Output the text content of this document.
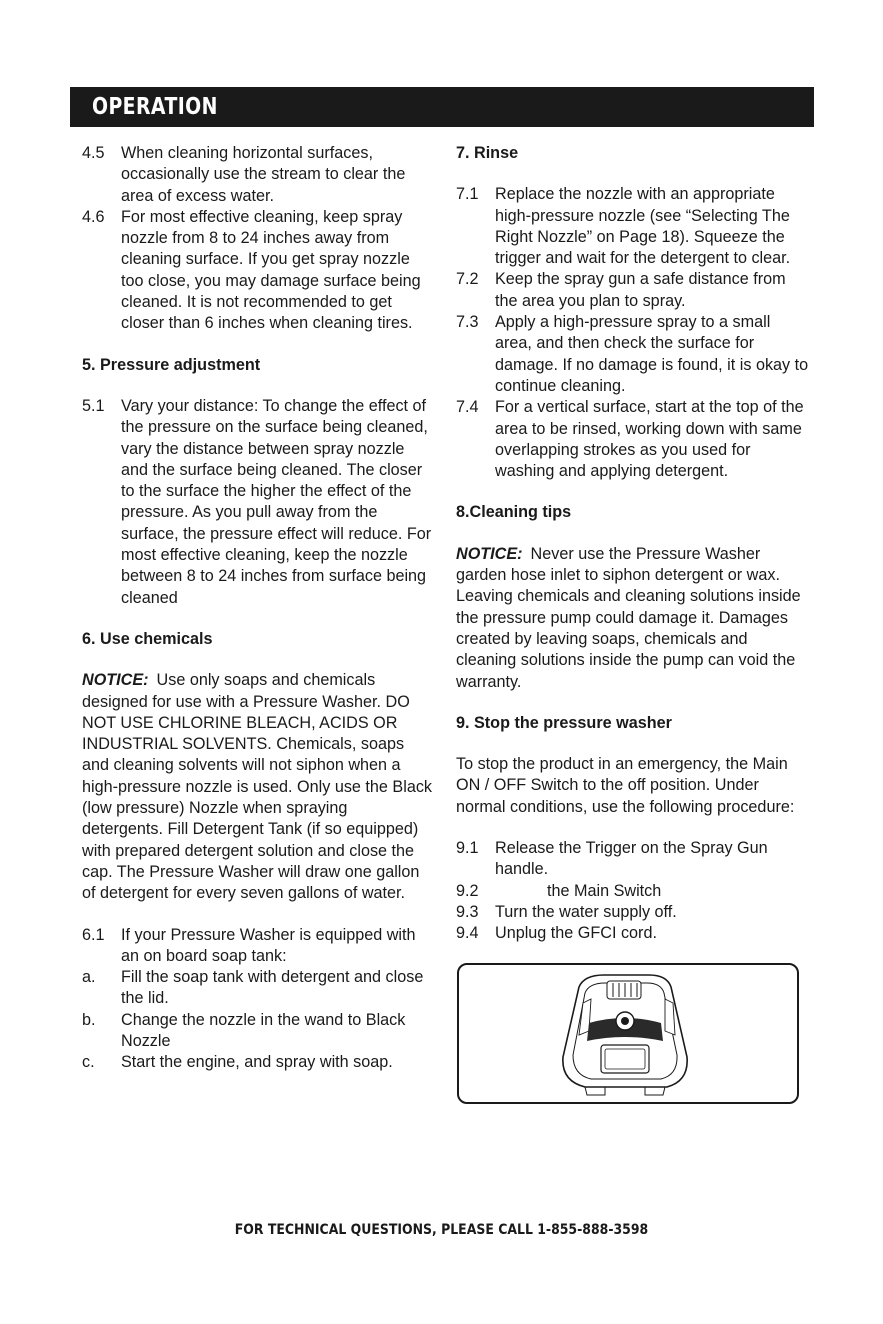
OPERATION
4.5 When cleaning horizontal surfaces, occasionally use the stream to clear the area of excess water.
4.6 For most effective cleaning, keep spray nozzle from 8 to 24 inches away from cleaning surface. If you get spray nozzle too close, you may damage surface being cleaned. It is not recommended to get closer than 6 inches when cleaning tires.
5. Pressure adjustment
5.1 Vary your distance: To change the effect of the pressure on the surface being cleaned, vary the distance between spray nozzle and the surface being cleaned. The closer to the surface the higher the effect of the pressure. As you pull away from the surface, the pressure effect will reduce. For most effective cleaning, keep the nozzle between 8 to 24 inches from surface being cleaned
6. Use chemicals
NOTICE: Use only soaps and chemicals designed for use with a Pressure Washer. DO NOT USE CHLORINE BLEACH, ACIDS OR INDUSTRIAL SOLVENTS. Chemicals, soaps and cleaning solvents will not siphon when a high-pressure nozzle is used. Only use the Black (low pressure) Nozzle when spraying detergents. Fill Detergent Tank (if so equipped) with prepared detergent solution and close the cap. The Pressure Washer will draw one gallon of detergent for every seven gallons of water.
6.1 If your Pressure Washer is equipped with an on board soap tank:
a. Fill the soap tank with detergent and close the lid.
b. Change the nozzle in the wand to Black Nozzle
c. Start the engine, and spray with soap.
7. Rinse
7.1 Replace the nozzle with an appropriate high-pressure nozzle (see “Selecting The Right Nozzle” on Page 18). Squeeze the trigger and wait for the detergent to clear.
7.2 Keep the spray gun a safe distance from the area you plan to spray.
7.3 Apply a high-pressure spray to a small area, and then check the surface for damage. If no damage is found, it is okay to continue cleaning.
7.4 For a vertical surface, start at the top of the area to be rinsed, working down with same overlapping strokes as you used for washing and applying detergent.
8.Cleaning tips
NOTICE: Never use the Pressure Washer garden hose inlet to siphon detergent or wax. Leaving chemicals and cleaning solutions inside the pressure pump could damage it. Damages created by leaving soaps, chemicals and cleaning solutions inside the pump can void the warranty.
9. Stop the pressure washer
To stop the product in an emergency, the Main ON / OFF Switch to the off position. Under normal conditions, use the following procedure:
9.1 Release the Trigger on the Spray Gun handle.
9.2	the Main Switch
9.3 Turn the water supply off.
9.4 Unplug the GFCI cord.
FOR TECHNICAL QUESTIONS, PLEASE CALL 1-855-888-3598
